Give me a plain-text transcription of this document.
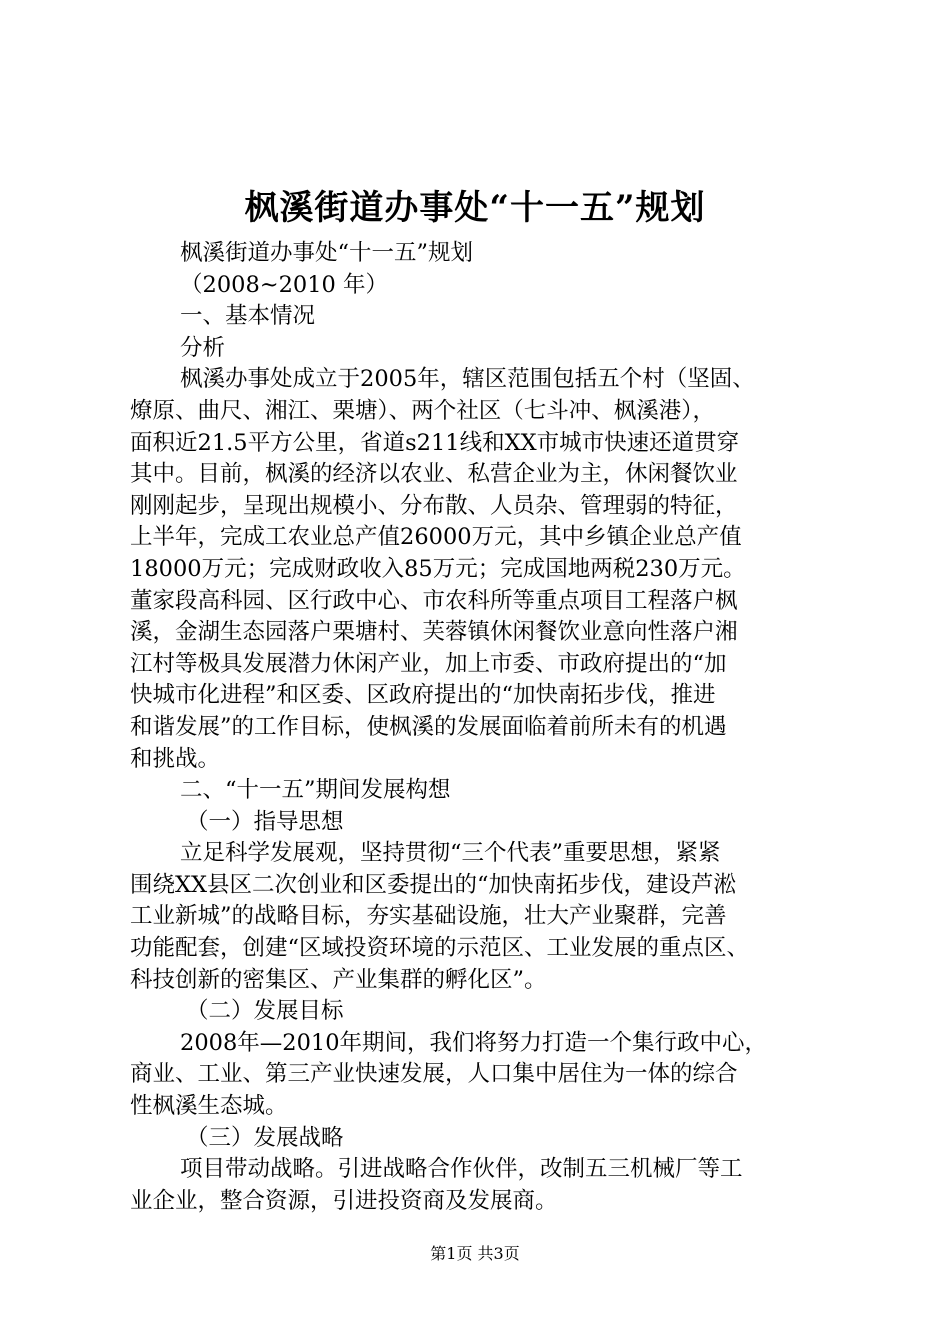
枫溪街道办事处“十一五”规划

枫溪街道办事处“十一五”规划

（2008~2010 年）

一、基本情况

分析

枫溪办事处成立于2005年，辖区范围包括五个村（坚固、
燎原、曲尺、湘江、栗塘）、两个社区（七斗冲、枫溪港），
面积近21.5平方公里，省道s211线和XX市城市快速还道贯穿
其中。目前，枫溪的经济以农业、私营企业为主，休闲餐饮业
刚刚起步，呈现出规模小、分布散、人员杂、管理弱的特征，
上半年，完成工农业总产值26000万元，其中乡镇企业总产值
18000万元；完成财政收入85万元；完成国地两税230万元。
董家段高科园、区行政中心、市农科所等重点项目工程落户枫
溪，金湖生态园落户栗塘村、芙蓉镇休闲餐饮业意向性落户湘
江村等极具发展潜力休闲产业，加上市委、市政府提出的“加
快城市化进程”和区委、区政府提出的“加快南拓步伐，推进
和谐发展”的工作目标，使枫溪的发展面临着前所未有的机遇
和挑战。

二、“十一五”期间发展构想

（一）指导思想

立足科学发展观，坚持贯彻“三个代表”重要思想，紧紧
围绕XX县区二次创业和区委提出的“加快南拓步伐，建设芦淞
工业新城”的战略目标，夯实基础设施，壮大产业聚群，完善
功能配套，创建“区域投资环境的示范区、工业发展的重点区、
科技创新的密集区、产业集群的孵化区”。

（二）发展目标

2008年—2010年期间，我们将努力打造一个集行政中心，
商业、工业、第三产业快速发展，人口集中居住为一体的综合
性枫溪生态城。

（三）发展战略

项目带动战略。引进战略合作伙伴，改制五三机械厂等工
业企业，整合资源，引进投资商及发展商。

第1页 共3页
